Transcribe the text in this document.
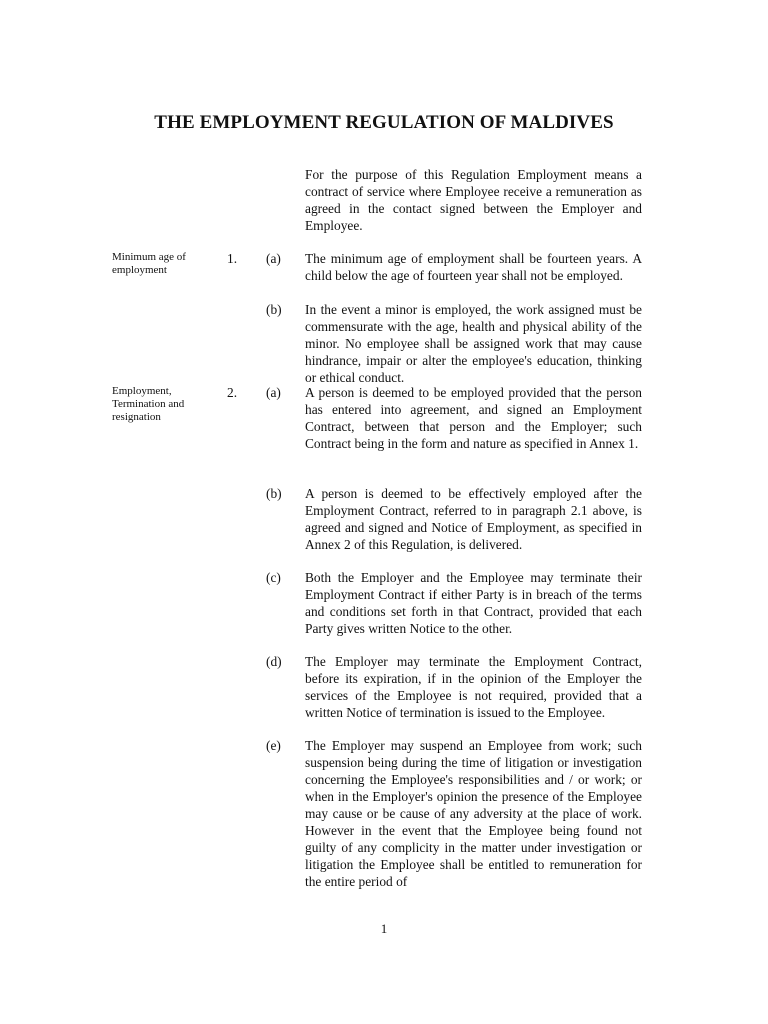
THE EMPLOYMENT REGULATION OF MALDIVES

For the purpose of this Regulation Employment means a contract of service where Employee receive a remuneration as agreed in the contact signed between the Employer and Employee.

Minimum age of employment

1. (a)	The minimum age of employment shall be fourteen years. A child below the age of fourteen year shall not be employed.

(b)	In the event a minor is employed, the work assigned must be commensurate with the age, health and physical ability of the minor. No employee shall be assigned work that may cause hindrance, impair or alter the employee's education, thinking or ethical conduct.

Employment, Termination and resignation

2. (a)	A person is deemed to be employed provided that the person has entered into agreement, and signed an Employment Contract, between that person and the Employer; such Contract being in the form and nature as specified in Annex 1.

(b)	A person is deemed to be effectively employed after the Employment Contract, referred to in paragraph 2.1 above, is agreed and signed and Notice of Employment, as specified in Annex 2 of this Regulation, is delivered.

(c)	Both the Employer and the Employee may terminate their Employment Contract if either Party is in breach of the terms and conditions set forth in that Contract, provided that each Party gives written Notice to the other.

(d)	The Employer may terminate the Employment Contract, before its expiration, if in the opinion of the Employer the services of the Employee is not required, provided that a written Notice of termination is issued to the Employee.

(e)	The Employer may suspend an Employee from work; such suspension being during the time of litigation or investigation concerning the Employee's responsibilities and / or work; or when in the Employer's opinion the presence of the Employee may cause or be cause of any adversity at the place of work. However in the event that the Employee being found not guilty of any complicity in the matter under investigation or litigation the Employee shall be entitled to remuneration for the entire period of

1
